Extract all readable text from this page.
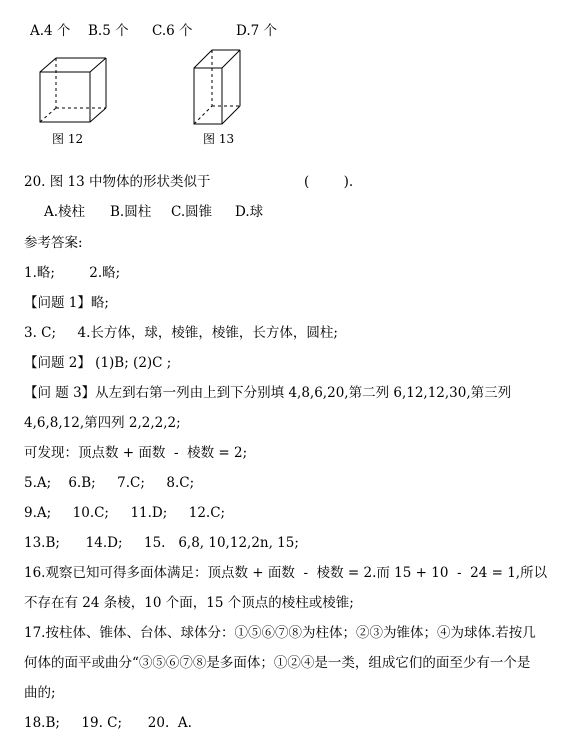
A.4 个 B.5 个 C.6 个	D.7 个
图 12	图 13
20. 图 13 中物体的形状类似于	(        ).
A.棱柱 B.圆柱 C.圆锥 D.球
参考答案:
1.略;        2.略;
【问题 1】略;
3. C;     4.长方体，球，棱锥，棱锥，长方体，圆柱;
【问题 2】 (1)B; (2)C ;
【问 题 3】从左到右第一列由上到下分别填 4,8,6,20,第二列 6,12,12,30,第三列
4,6,8,12,第四列 2,2,2,2;
可发现：顶点数 + 面数  -  棱数 = 2;
5.A;    6.B;     7.C;     8.C;
9.A;     10.C;     11.D;     12.C;
13.B;      14.D;     15.   6,8, 10,12,2n, 15;
16.观察已知可得多面体满足：顶点数 + 面数  -  棱数 = 2.而 15 + 10  -  24 = 1,所以
不存在有 24 条棱，10 个面，15 个顶点的棱柱或棱锥;
17.按柱体、锥体、台体、球体分：①⑤⑥⑦⑧为柱体；②③为锥体；④为球体.若按几
何体的面平或曲分“③⑤⑥⑦⑧是多面体；①②④是一类，组成它们的面至少有一个是
曲的;
18.B;     19. C;      20.  A.
